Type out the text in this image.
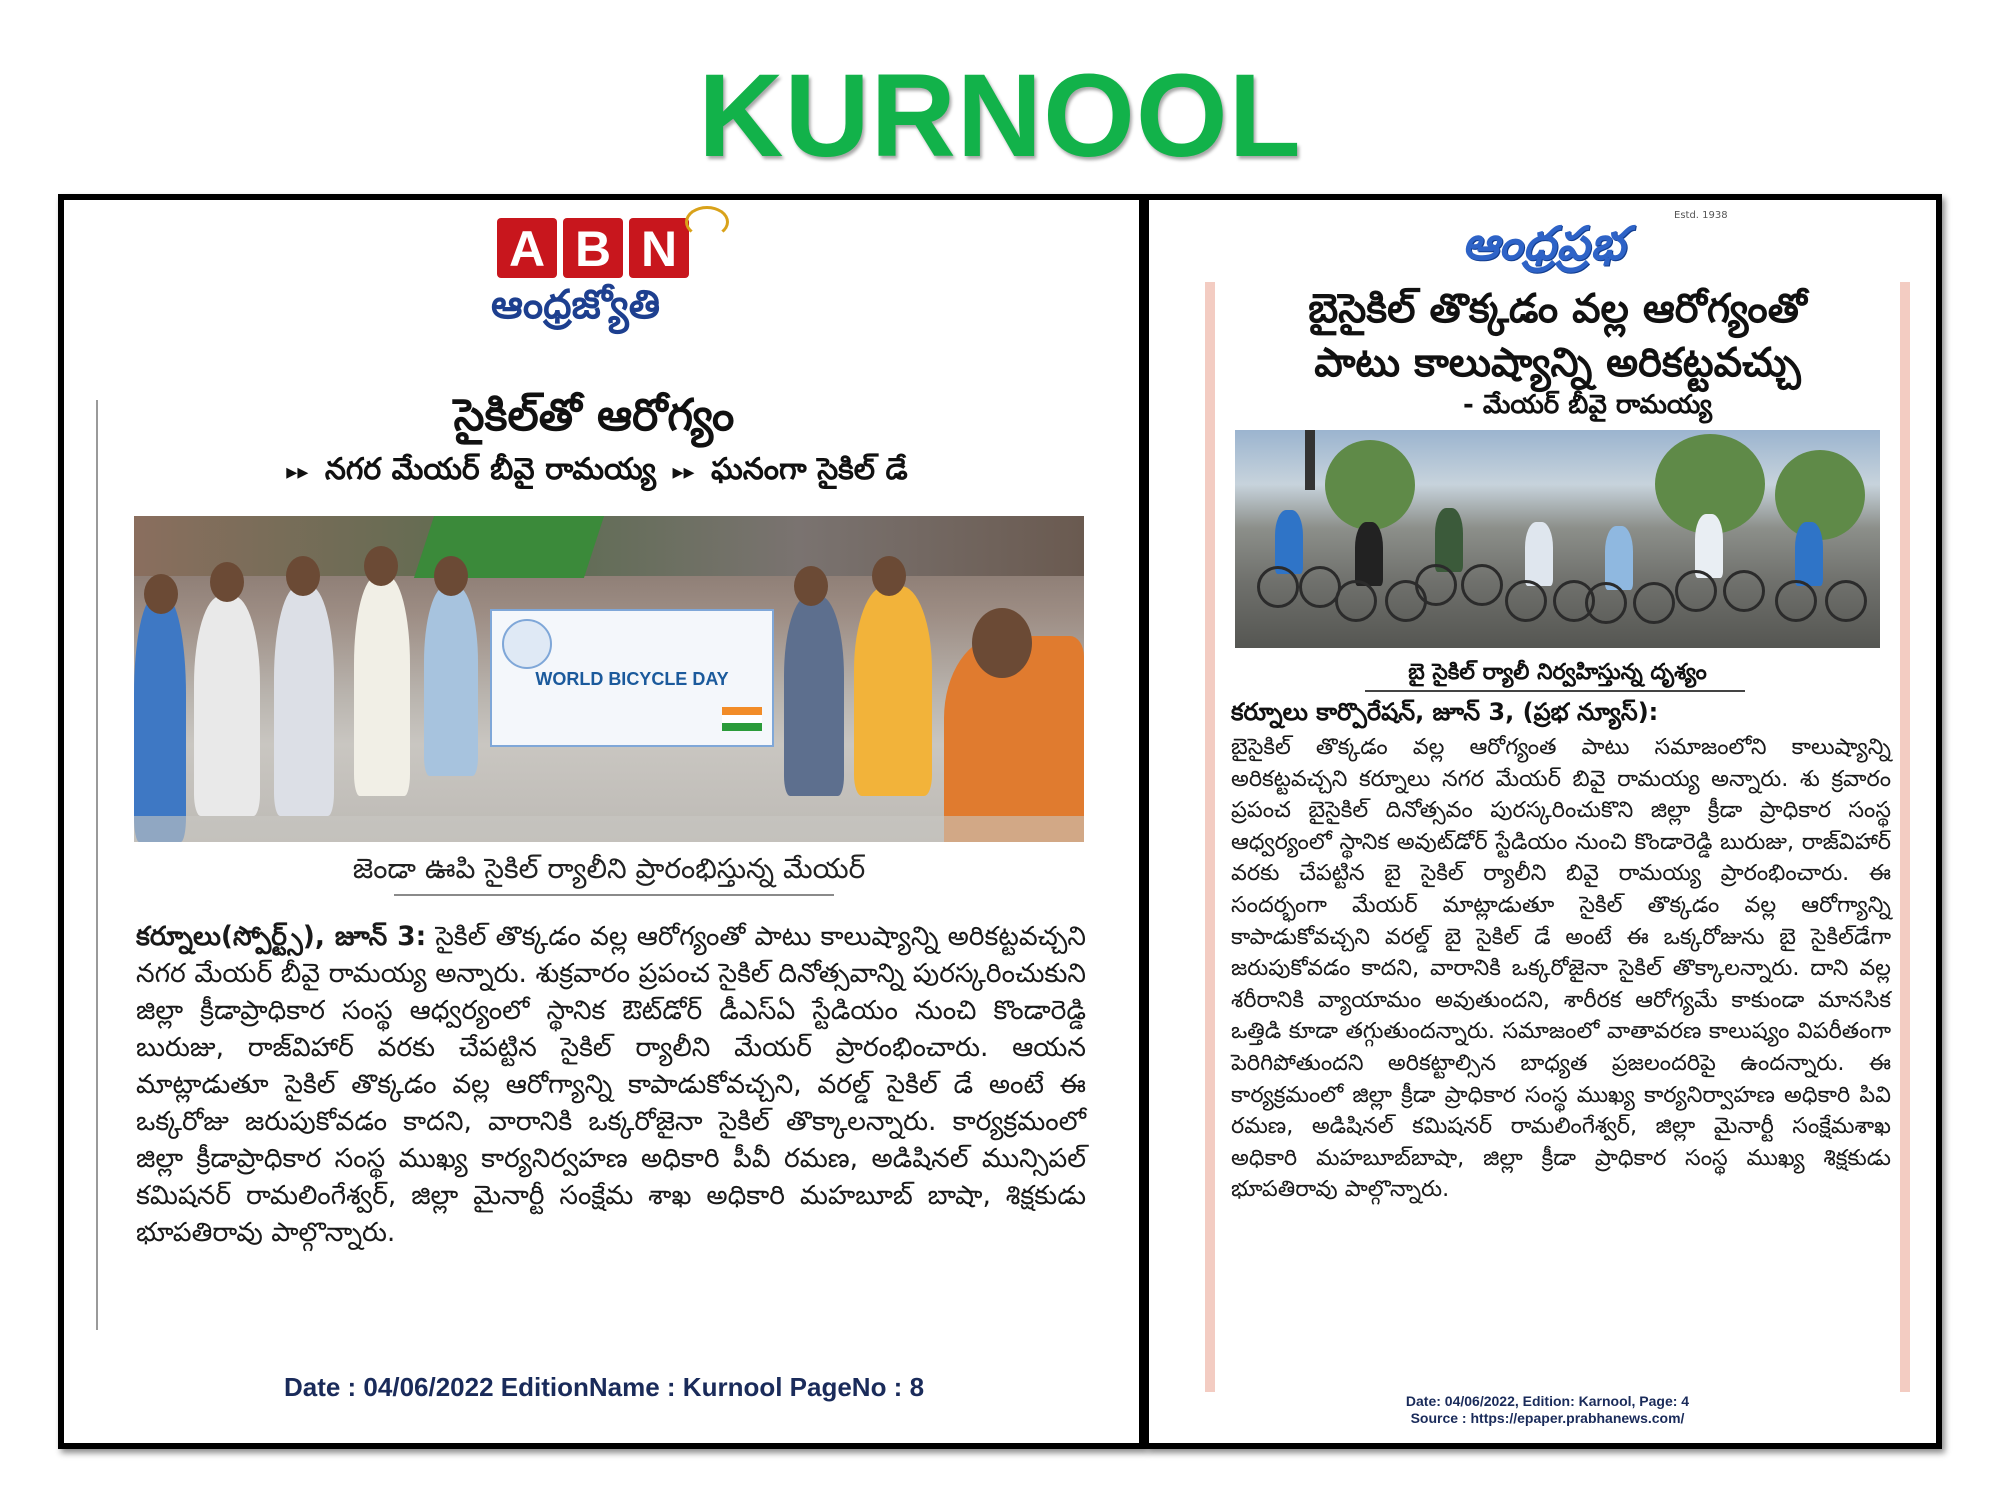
KURNOOL
A B N
ఆంధ్రజ్యోతి
సైకిల్‌తో ఆరోగ్యం
▸▸ నగర మేయర్ బీవై రామయ్య ▸▸ ఘనంగా సైకిల్ డే
WORLD BICYCLE DAY
జెండా ఊపి సైకిల్ ర్యాలీని ప్రారంభిస్తున్న మేయర్
కర్నూలు(స్పోర్ట్స్), జూన్ 3: సైకిల్ తొక్కడం వల్ల ఆరోగ్యంతో పాటు కాలుష్యాన్ని అరికట్టవచ్చని నగర మేయర్ బీవై రామయ్య అన్నారు. శుక్రవారం ప్రపంచ సైకిల్ దినోత్సవాన్ని పురస్కరించుకుని జిల్లా క్రీడాప్రాధికార సంస్థ ఆధ్వర్యంలో స్థానిక ఔట్‌డోర్ డీఎస్ఏ స్టేడియం నుంచి కొండారెడ్డి బురుజు, రాజ్‌విహార్ వరకు చేపట్టిన సైకిల్ ర్యాలీని మేయర్ ప్రారంభించారు. ఆయన మాట్లాడుతూ సైకిల్ తొక్కడం వల్ల ఆరోగ్యాన్ని కాపాడుకోవచ్చని, వరల్డ్ సైకిల్ డే అంటే ఈ ఒక్కరోజు జరుపుకోవడం కాదని, వారానికి ఒక్కరోజైనా సైకిల్ తొక్కాలన్నారు. కార్యక్రమంలో జిల్లా క్రీడాప్రాధికార సంస్థ ముఖ్య కార్యనిర్వహణ అధికారి పీవీ రమణ, అడిషినల్ మున్సిపల్ కమిషనర్ రామలింగేశ్వర్, జిల్లా మైనార్టీ సంక్షేమ శాఖ అధికారి మహబూబ్ బాషా, శిక్షకుడు భూపతిరావు పాల్గొన్నారు.
Date : 04/06/2022 EditionName : Kurnool PageNo : 8
ఆంధ్రప్రభ
Estd. 1938
బైసైకిల్ తొక్కడం వల్ల ఆరోగ్యంతో
పాటు కాలుష్యాన్ని అరికట్టవచ్చు
- మేయర్ బీవై రామయ్య
బై సైకిల్ ర్యాలీ నిర్వహిస్తున్న దృశ్యం
కర్నూలు కార్పొరేషన్, జూన్ 3, (ప్రభ న్యూస్):
బైసైకిల్ తొక్కడం వల్ల ఆరోగ్యంత పాటు సమాజంలోని కాలుష్యాన్ని అరికట్టవచ్చని కర్నూలు నగర మేయర్ బివై రామయ్య అన్నారు. శు క్రవారం ప్రపంచ బైసైకిల్ దినోత్సవం పురస్కరించుకొని జిల్లా క్రీడా ప్రాధికార సంస్థ ఆధ్వర్యంలో స్థానిక అవుట్‌డోర్ స్టేడియం నుంచి కొండారెడ్డి బురుజు, రాజ్‌విహార్ వరకు చేపట్టిన బై సైకిల్ ర్యాలీని బివై రామయ్య ప్రారంభించారు. ఈ సందర్భంగా మేయర్ మాట్లాడుతూ సైకిల్ తొక్కడం వల్ల ఆరోగ్యాన్ని కాపాడుకోవచ్చని వరల్డ్ బై సైకిల్ డే అంటే ఈ ఒక్కరోజును బై సైకిల్‌డేగా జరుపుకోవడం కాదని, వారానికి ఒక్కరోజైనా సైకిల్ తొక్కాలన్నారు. దాని వల్ల శరీరానికి వ్యాయామం అవుతుందని, శారీరక ఆరోగ్యమే కాకుండా మానసిక ఒత్తిడి కూడా తగ్గుతుందన్నారు. సమాజంలో వాతావరణ కాలుష్యం విపరీతంగా పెరిగిపోతుందని అరికట్టాల్సిన బాధ్యత ప్రజలందరిపై ఉందన్నారు. ఈ కార్యక్రమంలో జిల్లా క్రీడా ప్రాధికార సంస్థ ముఖ్య కార్యనిర్వాహణ అధికారి పివి రమణ, అడిషినల్ కమిషనర్ రామలింగేశ్వర్, జిల్లా మైనార్టీ సంక్షేమశాఖ అధికారి మహబూబ్‌బాషా, జిల్లా క్రీడా ప్రాధికార సంస్థ ముఖ్య శిక్షకుడు భూపతిరావు పాల్గొన్నారు.
Date: 04/06/2022, Edition: Karnool, Page: 4
Source : https://epaper.prabhanews.com/
